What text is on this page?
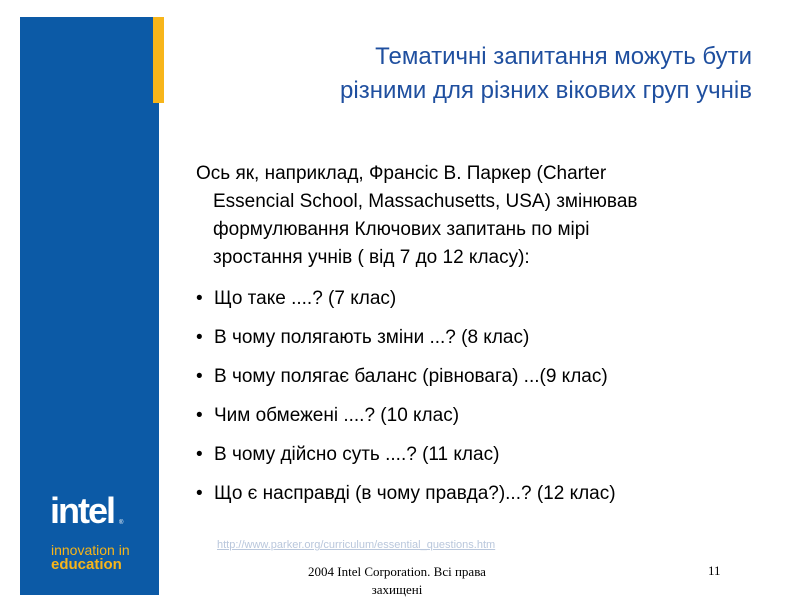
intel ®
innovation in
education
Тематичні запитання можуть бути
різними для різних вікових груп учнів
Ось як, наприклад, Франсіс В. Паркер (Charter
Essencial School, Massachusetts, USA) змінював
формулювання Ключових запитань по мірі
зростання учнів ( від 7 до 12 класу):
• Що таке ....? (7 клас)
• В чому полягають зміни ...? (8 клас)
• В чому полягає баланс (рівновага) ...(9 клас)
• Чим обмежені ....? (10 клас)
• В чому дійсно суть ....? (11 клас)
• Що є насправді (в чому правда?)...? (12 клас)
http://www.parker.org/curriculum/essential_questions.htm
2004 Intel Corporation. Всі права
захищені
11
